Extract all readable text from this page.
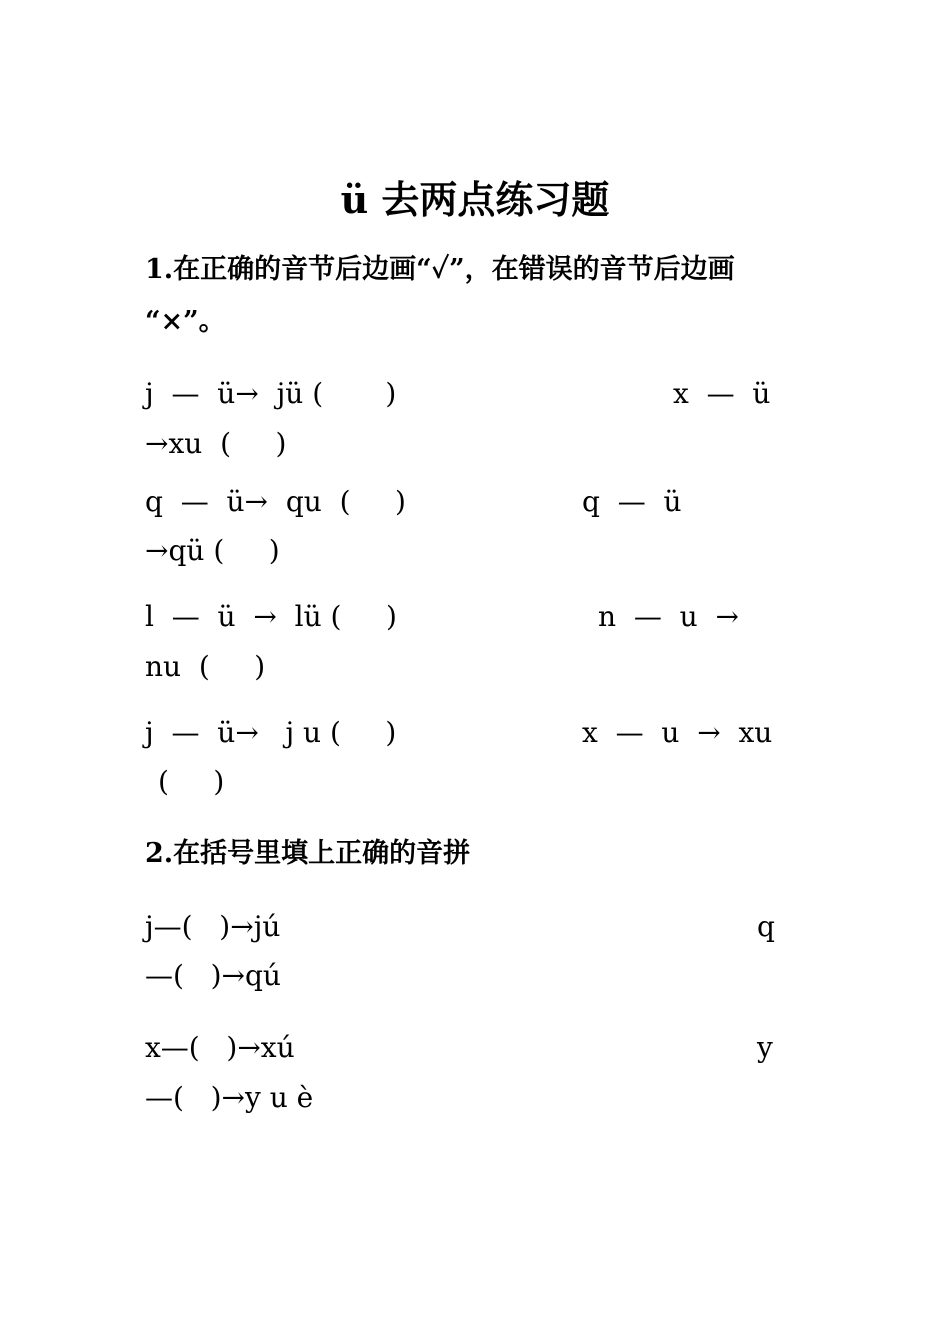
ü 去两点练习题

1.在正确的音节后边画“✓”，在错误的音节后边画

“×”。

j  —  ü→  jü (       )	x  —  ü

→xu  (     )

q  —  ü→  qu  (     )	q  —  ü

→qü (     )

l  —  ü  →  lü (     )	n  —  u  →

nu  (     )

j  —  ü→   j u (     )	x  —  u  →  xu

(     )

2.在括号里填上正确的音拼

j—(   )→jú	q

—(   )→qú

x—(   )→xú	y

—(   )→y u è
